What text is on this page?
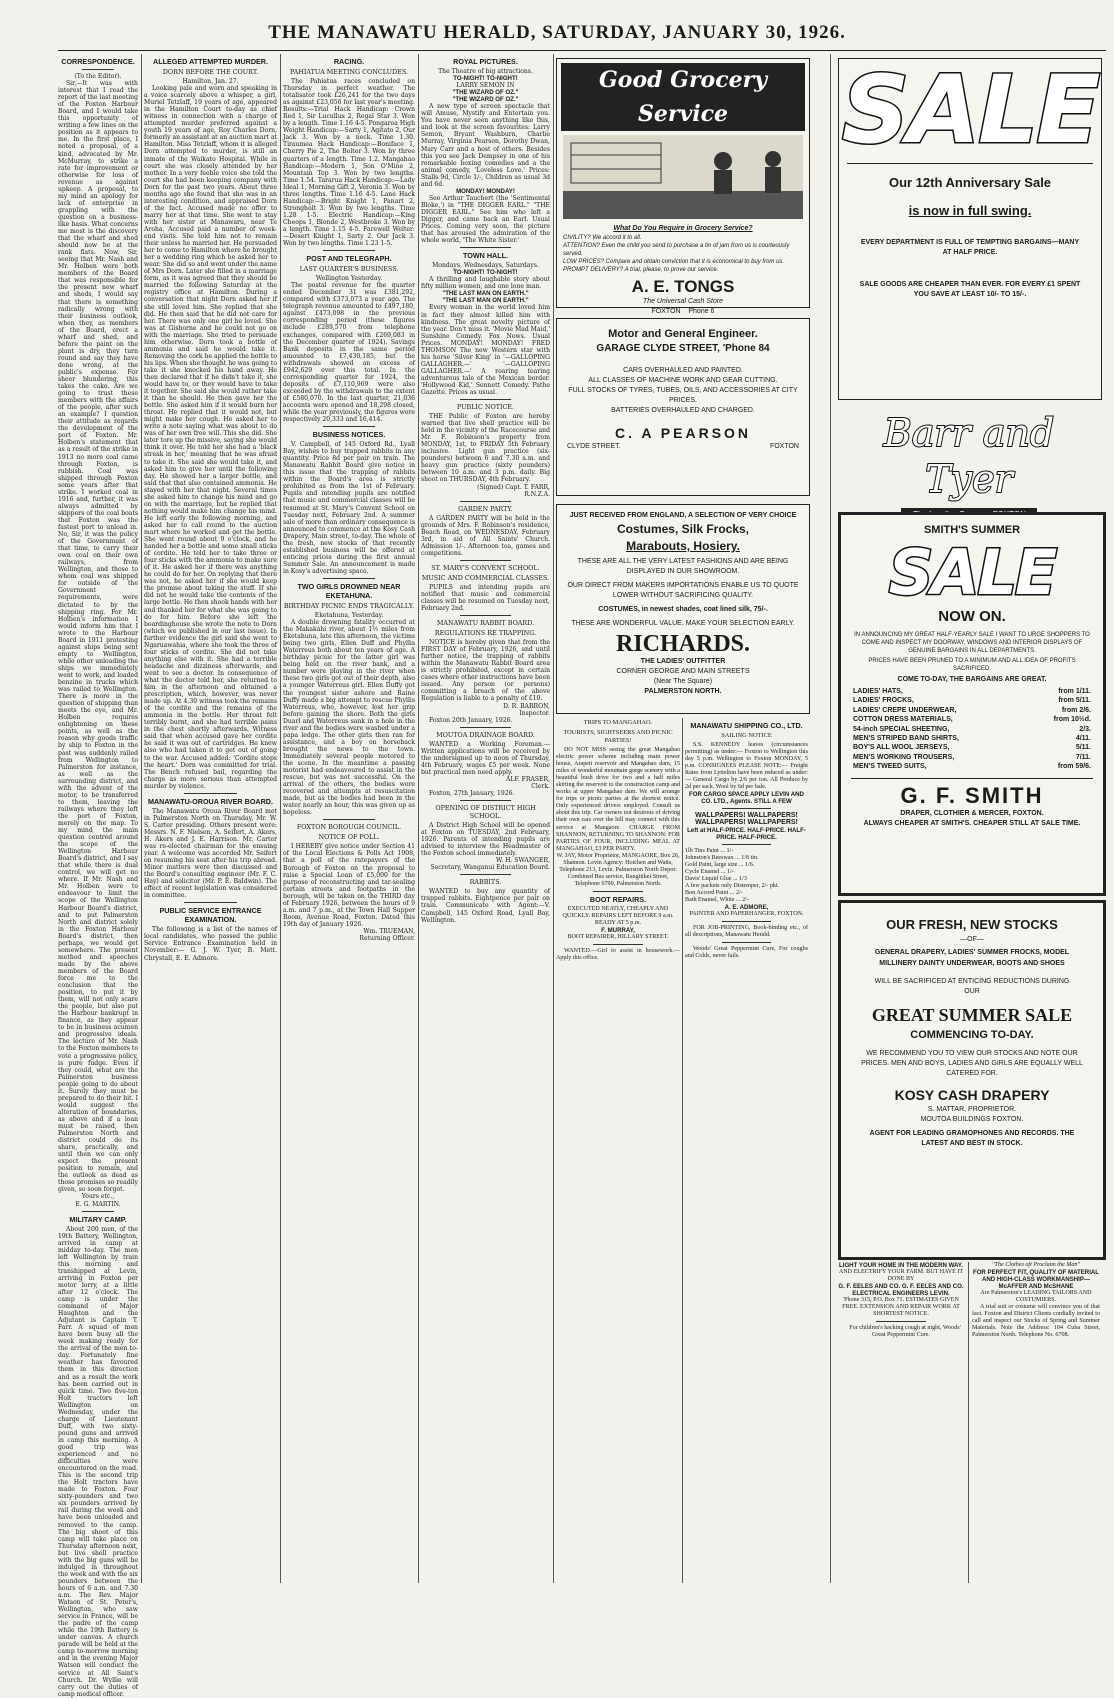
THE MANAWATU HERALD, SATURDAY, JANUARY 30, 1926.
CORRESPONDENCE.

(To the Editor).

Sir,—It was with interest that I read the report of the last meeting of the Foxton Harbour Board, and I would take this opportunity of writing a few lines on the position as it appears to me. In the first place, I noted a proposal, of a kind, advocated by Mr. McMurray, to strike a rate for improvement or otherwise for loss of revenue as against upkeep. A proposal, to my mind an apology for lack of enterprise in grappling with the question on a business-like basis. What concerns me most is the discovery that the wharf and shed should now be at the rank flats. Now, Sir, seeing that Mr. Nash and Mr. Holben were both members of the Board that was responsible for the present new wharf and sheds, I would say that there is something radically wrong with their business outlook, when they, as members of the Board, erect a wharf and shed, and before the paint on the plant is dry, they turn round and say they have done wrong, at the public's expense. For sheer blundering, this takes the cake. Are we going to trust these members with the affairs of the people, after such an example? I question their attitude as regards the development of the port of Foxton. Mr. Holben's statement that as a result of the strike in 1913 no more coal came through Foxton, is rubbish. Coal was shipped through Foxton some years after that strike. I worked coal in 1916 and, further, it was always admitted by skippers of the coal boats that Foxton was the fastest port to unload in. No, Sir, it was the policy of the Government of that time, to carry their own coal on their own railways, from Wellington, and those to whom coal was shipped for outside of the Government requirements, were dictated to by the shipping ring. For Mr. Holben's information I would inform him that I wrote to the Harbour Board in 1911 protesting against ships being sent empty to Wellington, while other unloading the ships we immediately went to work, and loaded benzine in trucks which was railed to Wellington. There is more in the question of shipping than meets the eye, and Mr. Holben requires enlightening on these points, as well as the reason why goods traffic by ship to Foxton in the past was suddenly railed from Wellington to Palmerston for instance, as well as the surrounding district, and with the advent of the motor, to be transferred to them, leaving the railways where they left the port of Foxton, merely on the map. To my mind the main question centred around the scope of the Wellington Harbour Board's district, and I say that while there is dual control, we will get no where. If Mr. Nash and Mr. Holben were to endeavour to limit the scope of the Wellington Harbour Board's district, and to put Palmerston North and district solely in the Foxton Harbour Board's district, then perhaps, we would get somewhere. The present method and speeches made by the above members of the Board force me to the conclusion that the position, to put it by them, will not only scare the people, but also put the Harbour bankrupt in finance, as they appear to be in business acumen and progressive ideals. The lecture of Mr. Nash to the Foxton members to vote a progressive policy, is pure fudge. Even if they could, what are the Palmerston business people going to do about it. Surely they must be prepared to do their bit. I would suggest the alteration of boundaries, as above and if a loan must be raised, then Palmerston North and district could do its share, practically, and until then we can only expect the present position to remain, and the outlook as dead as those promises so readily given, so soon forgot.

Yours etc.,

E. G. MARTIN.

MILITARY CAMP.

About 200 men, of the 19th Battery, Wellington, arrived in camp at midday to-day. The men left Wellington by train this morning and transhipped at Levin, arriving in Foxton per motor lorry, at a little after 12 o'clock. The camp is under the command of Major Haughton and the Adjutant is Captain T. Farr. A squad of men have been busy all the week making ready for the arrival of the men to-day. Fortunately fine weather has favoured them in this direction and as a result the work has been carried out in quick time. Two five-ton Holt tractors left Wellington on Wednesday, under the charge of Lieutenant Duff, with two sixty-pound guns and arrived in camp this morning. A good trip was experienced and no difficulties were encountered on the road. This is the second trip the Holt tractors have made to Foxton. Four sixty-pounders and two six pounders arrived by rail during the week and have been unloaded and removed to the camp. The big shoot of this camp will take place on Thursday afternoon next, but live shell practice with the big guns will be indulged in throughout the week and with the six pounders between the hours of 6 a.m. and 7.30 a.m. The Rev. Major Watson of St. Peter's, Wellington, who saw service in France, will be the padre of the camp while the 19th Battery is under canvas. A church parade will be held at the camp to-morrow morning and in the evening Major Watson will conduct the service at All Saint's Church. Dr. Wyllie will carry out the duties of camp medical officer.

ALLEGED ATTEMPTED MURDER.
DORN BEFORE THE COURT.

Hamilton, Jan. 27.

Looking pale and worn and speaking in a voice scarcely above a whisper, a girl, Muriel Tetzlaff, 19 years of age, appeared in the Hamilton Court to-day as chief witness in connection with a charge of attempted murder preferred against a youth 19 years of age, Roy Charles Dorn, formerly an assistant at an auction mart at Hamilton. Miss Tetzlaff, whom it is alleged Dorn attempted to murder, is still an inmate of the Waikato Hospital. While in court she was closely attended by her mother. In a very feeble voice she told the court she had been keeping company with Dorn for the past two years. About three months ago she found that she was in an interesting condition, and appraised Dorn of the fact. Accused made no offer to marry her at that time. She went to stay with her sister at Manawaru, near Te Aroha. Accused paid a number of week-end visits. She told him not to remain their unless he married her. He persuaded her to come to Hamilton where he brought her a wedding ring which he asked her to wear. She did so and went under the name of Mrs Dorn. Later she filled in a marriage form, as it was agreed that they should be married the following Saturday at the registry office at Hamilton. During a conversation that night Dorn asked her if she still loved him. She replied that she did. He then said that he did not care for her. There was only one girl he loved. She was at Gisborne and he could not go on with the marriage. She tried to persuade him otherwise. Dorn took a bottle of ammonia and said he would take it. Removing the cork he applied the bottle to his lips. When she thought he was going to take it she knocked his hand away. He then declared that if he didn't take it, she would have to, or they would have to take it together. She said she would rather take it than he should. He then gave her the bottle. She asked him if it would burn her throat. He replied that it would not, but might make her cough. He asked her to write a note saying what was about to do was of her own free will. This she did. She later tore up the missive, saying she would think it over. He told her she had a 'black streak in her,' meaning that he was afraid to take it. She said she would take it, and asked him to give her until the following day. He showed her a larger bottle, and said that that also contained ammonia. He stayed with her that night. Several times she asked him to change his mind and go on with the marriage, but he replied that nothing would make him change his mind. He left early the following morning, and asked her to call round to the auction mart where he worked and get the bottle. She went round about 9 o'clock, and he handed her a bottle and some small sticks of cordite. He told her to take three or four sticks with the ammonia to make sure of it. He asked her if there was anything he could do for her. On replying that there was not, he asked her if she would keep the promise about taking the stuff. If she did not he would take the contents of the large bottle. He then shook hands with her and thanked her for what she was going to do for him. Before she left the boardinghouse she wrote the note to Dorn (which we published in our last issue). In further evidence the girl said she went to Ngaruawahia, where she took the three of four sticks of cordite. She did not take anything else with it. She had a terrible headache and dizziness afterwards, and went to see a doctor. In consequence of what the doctor told her, she returned to him in the afternoon and obtained a prescription, which, however, was never made up. At 4.30 witness took the remains of the cordite and the remains of the ammonia in the bottle. Her throat felt terribly burnt, and she had terrible pains in the chest shortly afterwards. Witness said that when accused gave her cordite he said it was out of cartridges. He knew also who had taken it to get out of going to the war. Accused added: 'Cordite stops the heart.' Dorn was committed for trial. The Bench refused bail, regarding the charge as more serious than attempted murder by violence.

MANAWATU-OROUA RIVER BOARD.

The Manawatu Oroua River Board met in Palmerston North on Thursday, Mr. W. S. Carter presiding. Others present were: Messrs. N. F. Nielsen, A. Seifert, A. Akers, H. Akers and J. E. Harrison. Mr. Carter was re-elected chairman for the ensuing year. A welcome was accorded Mr. Seifert on resuming his seat after his trip abroad. Minor matters were then discussed and the Board's consulting engineer (Mr. F. C. Hay) and solicitor (Mr. P. E. Baldwin). The effect of recent legislation was considered in committee.

PUBLIC SERVICE ENTRANCE EXAMINATION.

The following is a list of the names of local candidates, who passed the public Service Entrance Examination held in November:— G. J. W. Tyer, B. Mett. Chrystall, E. E. Admore.

RACING.
PAHIATUA MEETING CONCLUDES.

The Pahiatua races concluded on Thursday in perfect weather. The totalisator took £26,241 for the two days as against £23,056 for last year's meeting. Results:—Trial Hack Handicap: Crown Red 1, Sir Lucullus 2, Regal Star 3. Won by a length. Time 1.16 4-5. Pongaroa High Weight Handicap:—Sarty 1, Agitato 2, Our Jack 3. Won by a neck. Time 1.30. Tiraumea Hack Handicap:—Boniface 1, Cherry Pie 2, The Bolter 3. Won by three quarters of a length. Time 1.2. Mangahao Handicap:—Modern 1, Son O'Mine 2, Mountain Top 3. Won by two lengths. Time 1.54. Tararua Hack Handicap:—Lady Ideal 1, Morning Gift 2, Veronia 3. Won by three lengths. Time 1.16 4-5. Lane Hack Handicap:—Bright Knight 1, Panart 2, Strongholt 3. Won by two lengths. Time 1.28 1-5. Electric Handicap:—King Cheops 1, Blonde 2, Westbroke 3. Won by a length. Time 1.15 4-5. Farewell Welter:—Desert Knight 1, Sarty 2. Our Jack 3. Won by two lengths. Time 1.23 1-5.

POST AND TELEGRAPH.
LAST QUARTER'S BUSINESS.

Wellington Yesterday.

The postal revenue for the quarter ended December 31 was £381,292, compared with £373,073 a year ago. The telegraph revenue amounted to £497,180, against £473,098 in the previous corresponding period (these figures include £289,570 from telephone exchanges, compared with £269,083 in the December quarter of 1924). Savings Bank deposits in the same period amounted to £7,430,185, but the withdrawals showed an excess of £942,629 over this total. In the corresponding quarter for 1924, the deposits of £7,110,969 were also exceeded by the withdrawals to the extent of £580,070. In the last quarter, 21,036 accounts were opened and 18,298 closed, while the year previously, the figures were respectively 20,333 and 16,414.

BUSINESS NOTICES.

V. Campbell, of 145 Oxford Rd., Lyall Bay, wishes to buy trapped rabbits in any quantity. Price 8d per pair on train. The Manawatu Rabbit Board give notice in this issue that the trapping of rabbits within the Board's area is strictly prohibited as from the 1st of February. Pupils and intending pupils are notified that music and commercial classes will be resumed at St. Mary's Convent School on Tuesday next, February 2nd. A summer sale of more than ordinary consequence is announced to commence at the Kosy Cash Drapery, Main street, to-day. The whole of the fresh, new stocks of that recently established business will be offered at enticing prices during the first annual Summer Sale. An announcement is made in Kosy's advertising space.

TWO GIRLS DROWNED NEAR EKETAHUNA.
BIRTHDAY PICNIC ENDS TRAGICALLY.

Eketahuna, Yesterday.

A double drowning fatality occurred at the Makakahi river, about 1½ miles from Eketahuna, late this afternoon, the victims being two girls, Ellen Duff and Phyllis Waterreus both about ten years of age. A birthday picnic for the latter girl was being held on the river bank, and a number were playing in the river when these two girls got out of their depth, also a younger Waterreus girl. Ellen Duffy got the youngest sister ashore and Raine Duffy made a big attempt to rescue Phyllis Waterreus, who, however, lost her grip before gaining the shore. Both the girls Duarl and Waterreus sank in a hole in the river and the bodies were washed under a papa ledge. The other girls then ran for assistance, and a boy on horseback brought the news to the town. Immediately several people motored to the scene. In the meantime a passing motorist had endeavoured to assist in the rescue, but was not successful. On the arrival of the others, the bodies were recovered and attempts at resuscitation made, but as the bodies had been in the water nearly an hour, this was given up as hopeless.

FOXTON BOROUGH COUNCIL.
NOTICE OF POLL.

I HEREBY give notice under Section 41 of the Local Elections & Polls Act 1908, that a poll of the ratepayers of the Borough of Foxton on the proposal to raise a Special Loan of £5,000 for the purpose of reconstructing and tar-sealing certain streets and footpaths in the borough, will be taken on the THIRD day of February 1926, between the hours of 9 a.m. and 7 p.m., at the Town Hall Supper Room, Avenue Road, Foxton. Dated this 19th day of January 1926.

Wm. TRUEMAN,

Returning Officer.

ROYAL PICTURES.

The Theatre of big attractions.

TO-NIGHT! TO-NIGHT!

LARRY SEMON IN

"THE WIZARD OF OZ."

"THE WIZARD OF OZ."

A new type of screen spectacle that will Amuse, Mystify and Entertain you. You have never seen anything like this, and look at the screen favourites: Larry Semon, Bryant Washburn, Charlie Murray, Virginia Pearson, Dorothy Dwan, Mary Carr and a host of others. Besides this you see Jack Dempsey in one of his remarkable boxing comedies and a the animal comedy, 'Loveless Love.' Prices: Stalls 9d, Circle 1/-, Children as usual 3d and 6d.

MONDAY! MONDAY!

See Arthur Tauchert (the 'Sentimental Bloke,') in "THE DIGGER EARL." "THE DIGGER EARL." See him who left a Digger, and came back an Earl. Usual Prices. Coming very soon, the picture that has aroused the admiration of the whole world, 'The White Sister.'

TOWN HALL.

Mondays, Wednesdays, Saturdays.

TO-NIGHT! TO-NIGHT!

A thrilling and laughable story about fifty million women, and one lone man.

"THE LAST MAN ON EARTH."

"THE LAST MAN ON EARTH."

Every woman in the world loved him in fact they almost killed him with kindness. The great novelty picture of the year. Don't miss it. 'Movie Mad Maid,' Sunshine Comedy. Fox News. Usual Prices. MONDAY! MONDAY! FRED THOMSON The new Western star with his horse 'Silver King' in '—GALLOPING GALLAGHER.—' '—GALLOPING GALLAGHER.—' A roaring tearing adventurous tale of the Mexican border. 'Hollywood Kid,' Sennett Comedy. Pathe Gazette. Prices as usual.

PUBLIC NOTICE.

THE Public of Foxton are hereby warned that live shell practice will be held in the vicinity of the Racecourse and Mr. F. Robinson's property from MONDAY, 1st, to FRIDAY 5th February inclusive. Light gun practice (six-pounders) between 6 and 7.30 a.m. and heavy gun practice (sixty pounders) between 10 a.m. and 3 p.m. daily. Big shoot on THURSDAY, 4th February.

(Signed) Capt. T. FARR,

R.N.Z.A.

GARDEN PARTY.

A GARDEN PARTY will be held in the grounds of Mrs. F. Robinson's residence, Beach Road, on WEDNESDAY, February 3rd, in aid of All Saints' Church. Admission 1/-. Afternoon tea, games and competitions.

ST. MARY'S CONVENT SCHOOL.
MUSIC AND COMMERCIAL CLASSES.

PUPILS and intending pupils are notified that music and commercial classes will be resumed on Tuesday next, February 2nd.

MANAWATU RABBIT BOARD.
REGULATIONS RE TRAPPING.

NOTICE is hereby given that from the FIRST DAY of February, 1926, and until further notice, the trapping of rabbits within the Manawatu Rabbit Board area is strictly prohibited, except in certain cases where other instructions have been issued. Any person (or persons) committing a breach of the above Regulation is liable to a penalty of £10.

D. R. BARRON,

Inspector.

Foxton 20th January, 1926.

MOUTOA DRAINAGE BOARD.

WANTED a Working Foreman.—Written applications will be received by the undersigned up to noon of Thursday, 4th February, wages £5 per week. None but practical men need apply.

ALF. FRASER,

Clerk.

Foxton, 27th January, 1926.

OPENING OF DISTRICT HIGH SCHOOL.

A District High School will be opened at Foxton on TUESDAY, 2nd February, 1926. Parents of intending pupils are advised to interview the Headmaster of the Foxton school immediately.

W. H. SWANGER,

Secretary, Wanganui Education Board.

RABBITS.

WANTED to buy any quantity of trapped rabbits. Eightpence per pair on train. Communicate with Agent:—V. Campbell, 145 Oxford Road, Lyall Bay, Wellington.

Good Grocery Service
What Do You Require in Grocery Service?
CIVILITY? We accord it to all.
ATTENTION? Even the child you send to purchase a tin of jam from us is courteously served.
LOW PRICES? Compare and obtain conviction that it is economical to buy from us.
PROMPT DELIVERY? A trial, please, to prove our service.
A. E. TONGS
The Universal Cash Store
FOXTON Phone 6
Motor and General Engineer.
GARAGE CLYDE STREET, 'Phone 84
CARS OVERHAULED AND PAINTED.
ALL CLASSES OF MACHINE WORK AND GEAR CUTTING.
FULL STOCKS OF TYRES, TUBES, OILS, AND ACCESSORIES AT CITY PRICES.
BATTERIES OVERHAULED AND CHARGED.
C. A PEARSON
CLYDE STREET.	FOXTON
JUST RECEIVED FROM ENGLAND, A SELECTION OF VERY CHOICE
Costumes, Silk Frocks,
Marabouts, Hosiery.
THESE ARE ALL THE VERY LATEST FASHIONS AND ARE BEING DISPLAYED IN OUR SHOWROOM.
OUR DIRECT FROM MAKERS IMPORTATIONS ENABLE US TO QUOTE LOWER WITHOUT SACRIFICING QUALITY.
COSTUMES, in newest shades, coat lined silk, 75/-.
THESE ARE WONDERFUL VALUE. MAKE YOUR SELECTION EARLY.
RICHARDS.
THE LADIES' OUTFITTER
CORNER GEORGE AND MAIN STREETS
(Near The Square)
PALMERSTON NORTH.
TRIPS TO MANGAHAO.
TOURISTS, SIGHTSEERS AND PICNIC PARTIES!

DO NOT MISS seeing the great Mangahao electric power scheme including main power house, Arapeti reservoir and Mangahao dam, 15 miles of wonderful mountain gorge scenery with a beautiful bush drive for two and a half miles skirting the reservoir to the construction camp and works at upper Mangahao dam. We will arrange for trips or picnic parties at the shortest notice. Only experienced drivers employed. Consult us about this trip. Car owners not desirous of driving their own cars over the hill may connect with this service at Mangaore. CHARGE FROM SHANNON, RETURNING TO SHANNON: FOR PARTIES OF FOUR, INCLUDING MEAL AT MANGAHAO, £3 PER PARTY.

W. JAY, Motor Proprietor, MANGAORE, Box 26, Shannon. Levin Agency: Hotchen and Watts, Telephone 213, Levin. Palmerston North Depot: Combined Bus service, Rangitikei Street, Telephone 6790, Palmerston North.

BOOT REPAIRS.

EXECUTED NEATLY, CHEAPLY AND QUICKLY. REPAIRS LEFT BEFORE 9 a.m. READY AT 5 p.m.

F. MURRAY,

BOOT REPAIRER, HILLARY STREET.

WANTED.—Girl to assist in housework.—Apply this office.

MANAWATU SHIPPING CO., LTD.
SAILING NOTICE

S.S. KENNEDY leaves (circumstances permitting) as under:— Foxton to Wellington this day 5 p.m. Wellington to Foxton MONDAY, 5 p.m. CONSIGNEES PLEASE NOTE:— Freight Rates from Lyttelton have been reduced as under:— General Cargo by 2/6 per ton. All Produce by 2d per sack. Wool by 6d per bale.

FOR CARGO SPACE APPLY LEVIN AND CO. LTD., Agents. STILL A FEW

WALLPAPERS! WALLPAPERS! WALLPAPERS! WALLPAPERS!

Left at HALF-PRICE. HALF-PRICE. HALF-PRICE. HALF-PRICE.

1lb Tins Paint ... 1/-
Johnston's Beeswax ... 1/8 tin.
Gold Paint, large size ... 1/6.
Cycle Enamel ... 1/-
Davis' Liquid Glue ... 1/3
A few packets only Distemper, 2/- pkt.
Bon Accord Paint ... 2/-
Bath Enamel, White ... 2/-

A. E. ADMORE,

PAINTER AND PAPERHANGER, FOXTON.

FOR JOB-PRINTING, Book-binding etc., of all descriptions, Manawatu Herald.

Woods' Great Peppermint Cure, For coughs and Colds, never fails.

SALE
Our 12th Anniversary Sale
is now in full swing.
EVERY DEPARTMENT IS FULL OF TEMPTING BARGAINS—MANY AT HALF PRICE.
SALE GOODS ARE CHEAPER THAN EVER. FOR EVERY £1 SPENT YOU SAVE AT LEAST 10/- TO 15/-.
Barr and Tyer
SMITH'S SUMMER
SALE
NOW ON.
IN ANNOUNCING MY GREAT HALF-YEARLY SALE I WANT TO URGE SHOPPERS TO COME AND INSPECT MY DOORWAY, WINDOWS AND INTERIOR DISPLAYS OF GENUINE BARGAINS IN ALL DEPARTMENTS.
PRICES HAVE BEEN PRUNED TO A MINIMUM AND ALL IDEA OF PROFITS SACRIFICED.
COME TO-DAY, THE BARGAINS ARE GREAT.
LADIES' HATS,	from 1/11.
LADIES' FROCKS,	from 5/11.
LADIES' CREPE UNDERWEAR,	from 2/6.
COTTON DRESS MATERIALS,	from 10½d.
54-inch SPECIAL SHEETING,	2/3.
MEN'S STRIPED BAND SHIRTS,	4/11.
BOY'S ALL WOOL JERSEYS,	5/11.
MEN'S WORKING TROUSERS,	7/11.
MEN'S TWEED SUITS,	from 59/6.
G. F. SMITH
DRAPER, CLOTHIER & MERCER, FOXTON.
ALWAYS CHEAPER AT SMITH'S. CHEAPER STILL AT SALE TIME.
OUR FRESH, NEW STOCKS
—OF—
GENERAL DRAPERY, LADIES' SUMMER FROCKS, MODEL MILLINERY DAINTY UNDERWEAR, BOOTS AND SHOES
WILL BE SACRIFICED AT ENTICING REDUCTIONS DURING OUR
GREAT SUMMER SALE
COMMENCING TO-DAY.
WE RECOMMEND YOU TO VIEW OUR STOCKS AND NOTE OUR PRICES. MEN AND BOYS, LADIES AND GIRLS ARE EQUALLY WELL CATERED FOR.
KOSY CASH DRAPERY
S. MATTAR, PROPRIETOR.
MOUTOA BUILDINGS FOXTON.
AGENT FOR LEADING GRAMOPHONES AND RECORDS. THE LATEST AND BEST IN STOCK.

LIGHT YOUR HOME IN THE MODERN WAY.

AND ELECTRIFY YOUR FARM. BUT HAVE IT DONE BY

G. F. EELES AND CO. G. F. EELES AND CO. ELECTRICAL ENGINEERS LEVIN.

'Phone 315, P.O. Box 71. ESTIMATES GIVEN FREE. EXTENSION AND REPAIR WORK AT SHORTEST NOTICE.

For children's hacking cough at night, Woods' Great Peppermint Cure.

"The Clothes oft Proclaim the Man"

FOR PERFECT FIT, QUALITY OF MATERIAL AND HIGH-CLASS WORKMANSHIP—

McAFFER AND McSHANE

Are Palmerston's LEADING TAILORS AND COSTUMIERS.

A trial suit or costume will convince you of that fact. Foxton and District Clients cordially invited to call and inspect our Stocks of Spring and Summer Materials. Note the Address: 104 Cuba Street, Palmerston North. Telephone No. 6708.
